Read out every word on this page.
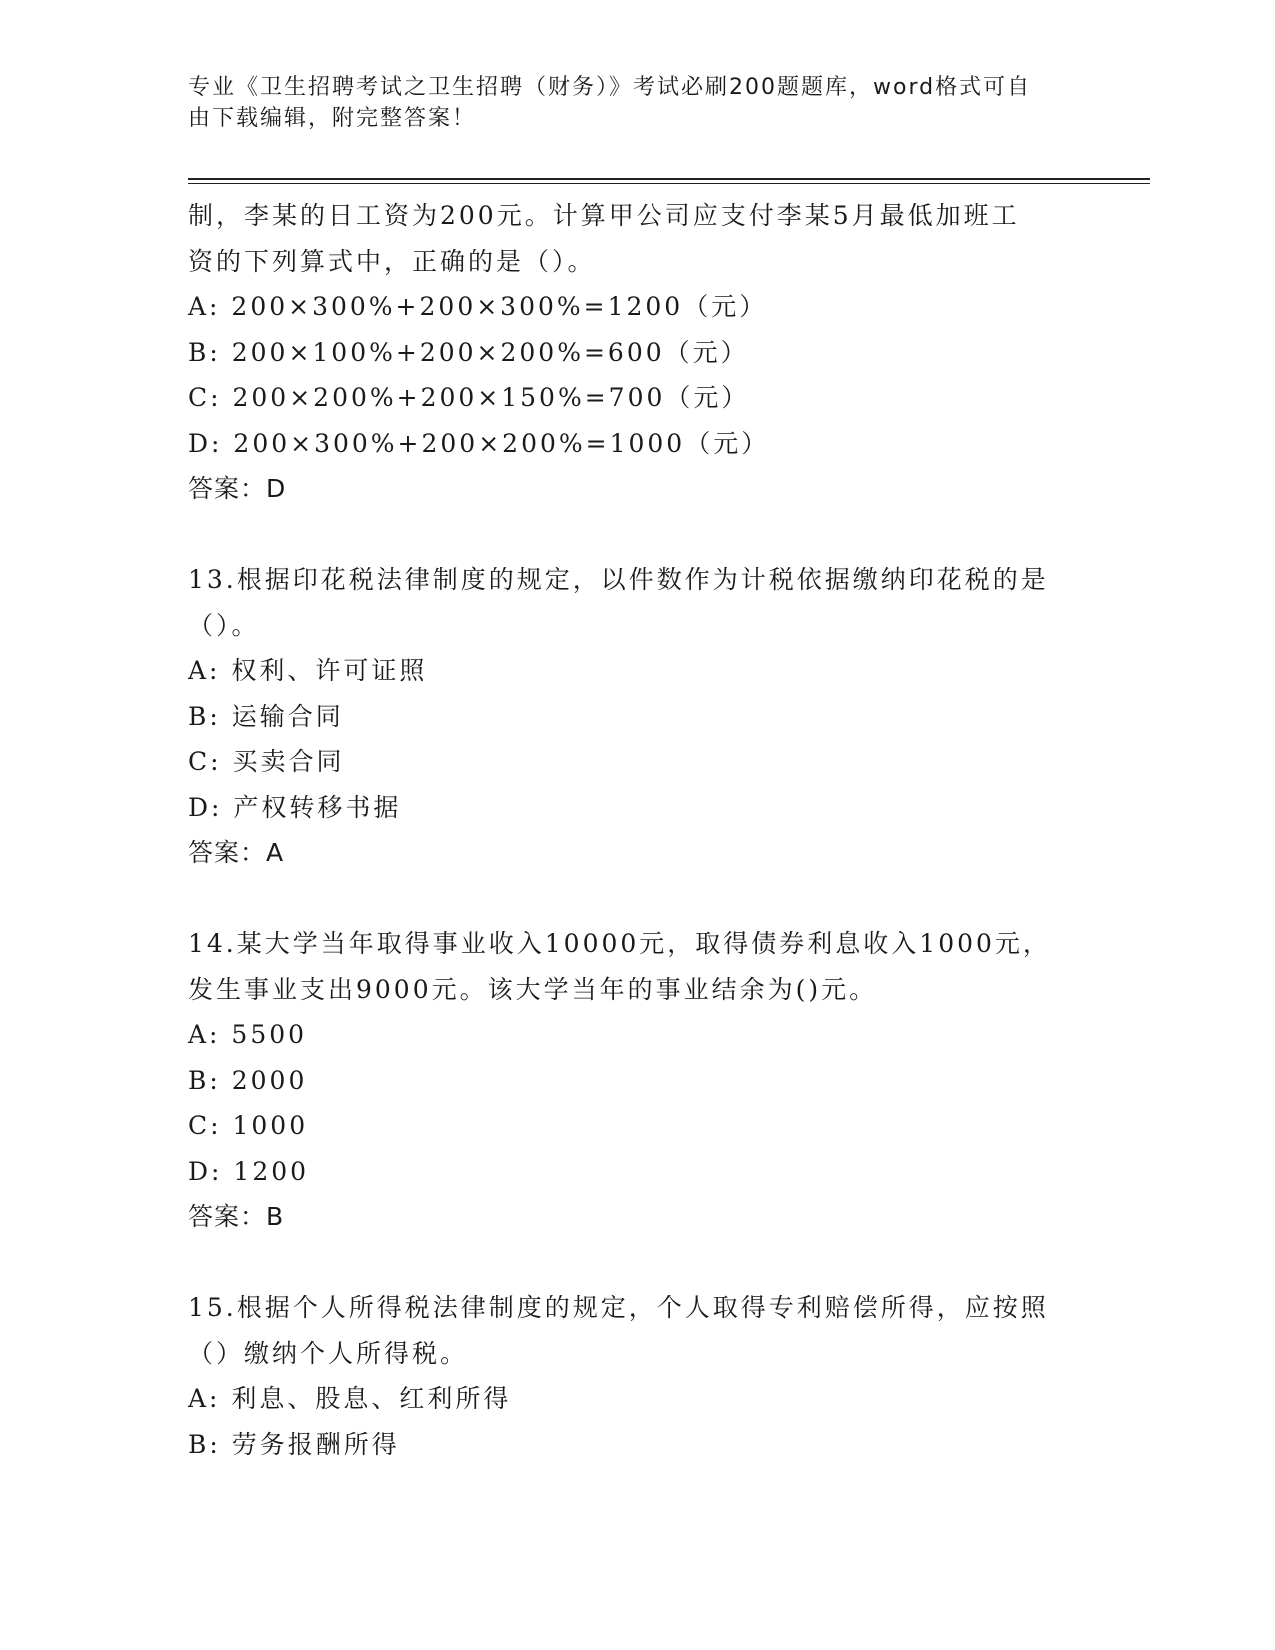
专业《卫生招聘考试之卫生招聘（财务）》考试必刷200题题库，word格式可自
由下载编辑，附完整答案！
制，李某的日工资为200元。计算甲公司应支付李某5月最低加班工
资的下列算式中，正确的是（）。
A: 200×300%+200×300%=1200（元）
B: 200×100%+200×200%=600（元）
C: 200×200%+200×150%=700（元）
D: 200×300%+200×200%=1000（元）
答案：D
13.根据印花税法律制度的规定，以件数作为计税依据缴纳印花税的是
（）。
A: 权利、许可证照
B: 运输合同
C: 买卖合同
D: 产权转移书据
答案：A
14.某大学当年取得事业收入10000元，取得债券利息收入1000元，
发生事业支出9000元。该大学当年的事业结余为()元。
A: 5500
B: 2000
C: 1000
D: 1200
答案：B
15.根据个人所得税法律制度的规定，个人取得专利赔偿所得，应按照
（）缴纳个人所得税。
A: 利息、股息、红利所得
B: 劳务报酬所得
